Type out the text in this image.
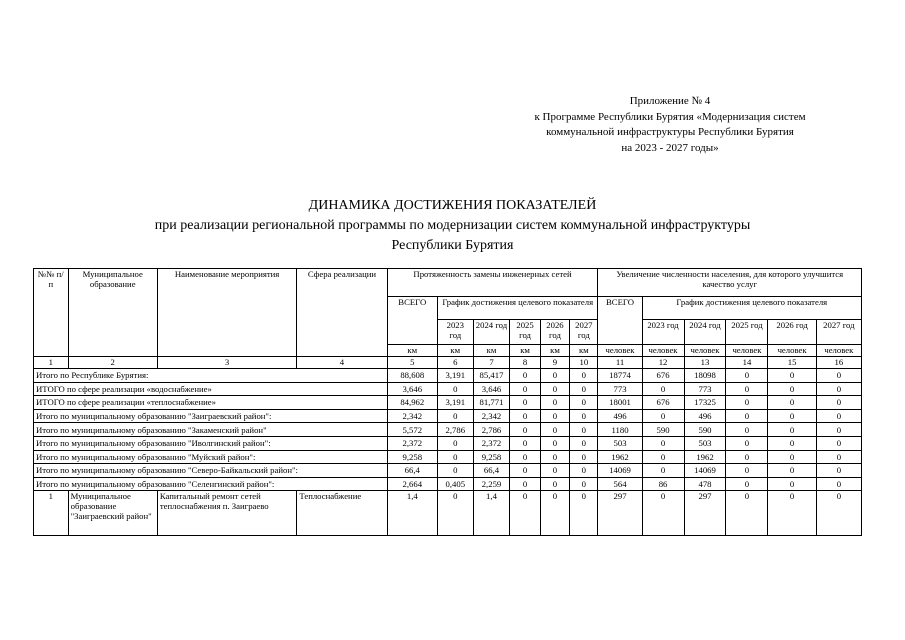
Приложение № 4
к Программе Республики Бурятия «Модернизация систем
коммунальной инфраструктуры Республики Бурятия
на 2023 - 2027 годы»
ДИНАМИКА ДОСТИЖЕНИЯ ПОКАЗАТЕЛЕЙ
при реализации региональной программы по модернизации систем коммунальной инфраструктуры
Республики Бурятия
№№ п/п	Муниципальное образование	Наименование мероприятия	Сфера реализации	Протяженность замены инженерных сетей						Увеличение численности населения, для которого улучшится качество услуг					
				ВСЕГО	График достижения целевого показателя					ВСЕГО	График достижения целевого показателя				
					2023 год	2024 год	2025 год	2026 год	2027 год		2023 год	2024 год	2025 год	2026 год	2027 год
				км	км	км	км	км	км	человек	человек	человек	человек	человек	человек
1	2	3	4	5	6	7	8	9	10	11	12	13	14	15	16
Итого по Республике Бурятия:				88,608	3,191	85,417	0	0	0	18774	676	18098	0	0	0
ИТОГО по сфере реализации «водоснабжение»				3,646	0	3,646	0	0	0	773	0	773	0	0	0
ИТОГО по сфере реализации «теплоснабжение»				84,962	3,191	81,771	0	0	0	18001	676	17325	0	0	0
Итого по муниципальному образованию "Заиграевский район":				2,342	0	2,342	0	0	0	496	0	496	0	0	0
Итого по муниципальному образованию "Закаменский район"				5,572	2,786	2,786	0	0	0	1180	590	590	0	0	0
Итого по муниципальному образованию "Иволгинский район":				2,372	0	2,372	0	0	0	503	0	503	0	0	0
Итого по муниципальному образованию "Муйский район":				9,258	0	9,258	0	0	0	1962	0	1962	0	0	0
Итого по муниципальному образованию "Северо-Байкальский район":				66,4	0	66,4	0	0	0	14069	0	14069	0	0	0
Итого по муниципальному образованию "Селенгинский район":				2,664	0,405	2,259	0	0	0	564	86	478	0	0	0
1	Муниципальное образование "Заиграевский район"	Капитальный ремонт сетей теплоснабжения п. Заиграево	Теплоснабжение	1,4	0	1,4	0	0	0	297	0	297	0	0	0
